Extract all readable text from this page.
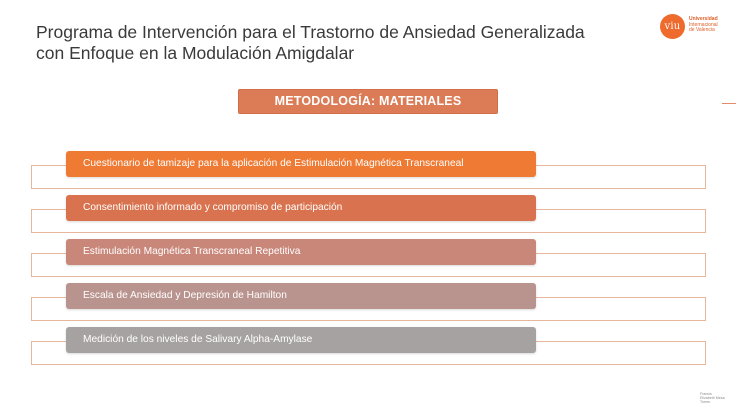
Programa de Intervención para el Trastorno de Ansiedad Generalizada
con Enfoque en la Modulación Amigdalar
viu
Universidad
Internacional
de Valencia
METODOLOGÍA: MATERIALES
Cuestionario de tamizaje para la aplicación de Estimulación Magnética Transcraneal
Consentimiento informado y compromiso de participación
Estimulación Magnética Transcraneal Repetitiva
Escala de Ansiedad y Depresión de Hamilton
Medición de los niveles de Salivary Alpha-Amylase
Francis
Elizabeth Mesa
Torres
